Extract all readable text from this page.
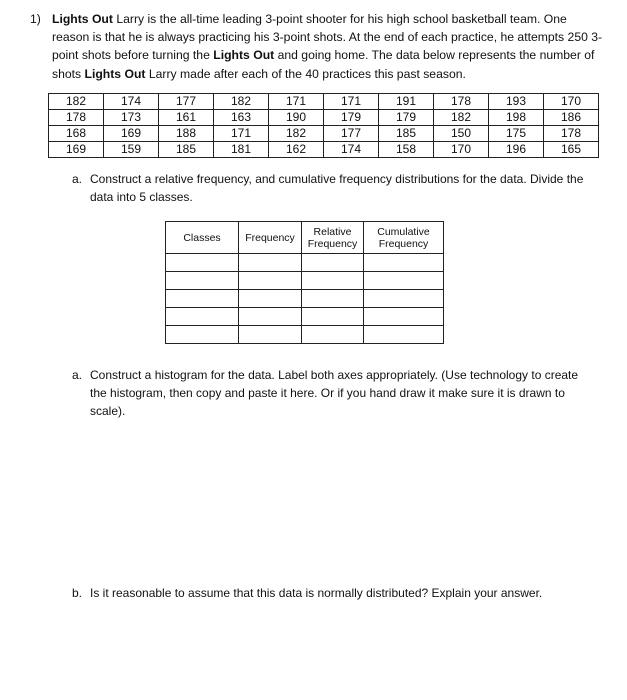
1) Lights Out Larry is the all-time leading 3-point shooter for his high school basketball team. One reason is that he is always practicing his 3-point shots. At the end of each practice, he attempts 250 3-point shots before turning the Lights Out and going home. The data below represents the number of shots Lights Out Larry made after each of the 40 practices this past season.
182	174	177	182	171	171	191	178	193	170
178	173	161	163	190	179	179	182	198	186
168	169	188	171	182	177	185	150	175	178
169	159	185	181	162	174	158	170	196	165
a. Construct a relative frequency, and cumulative frequency distributions for the data. Divide the data into 5 classes.
Classes	Frequency	Relative Frequency	Cumulative Frequency

a. Construct a histogram for the data. Label both axes appropriately. (Use technology to create the histogram, then copy and paste it here. Or if you hand draw it make sure it is drawn to scale).
b. Is it reasonable to assume that this data is normally distributed? Explain your answer.
